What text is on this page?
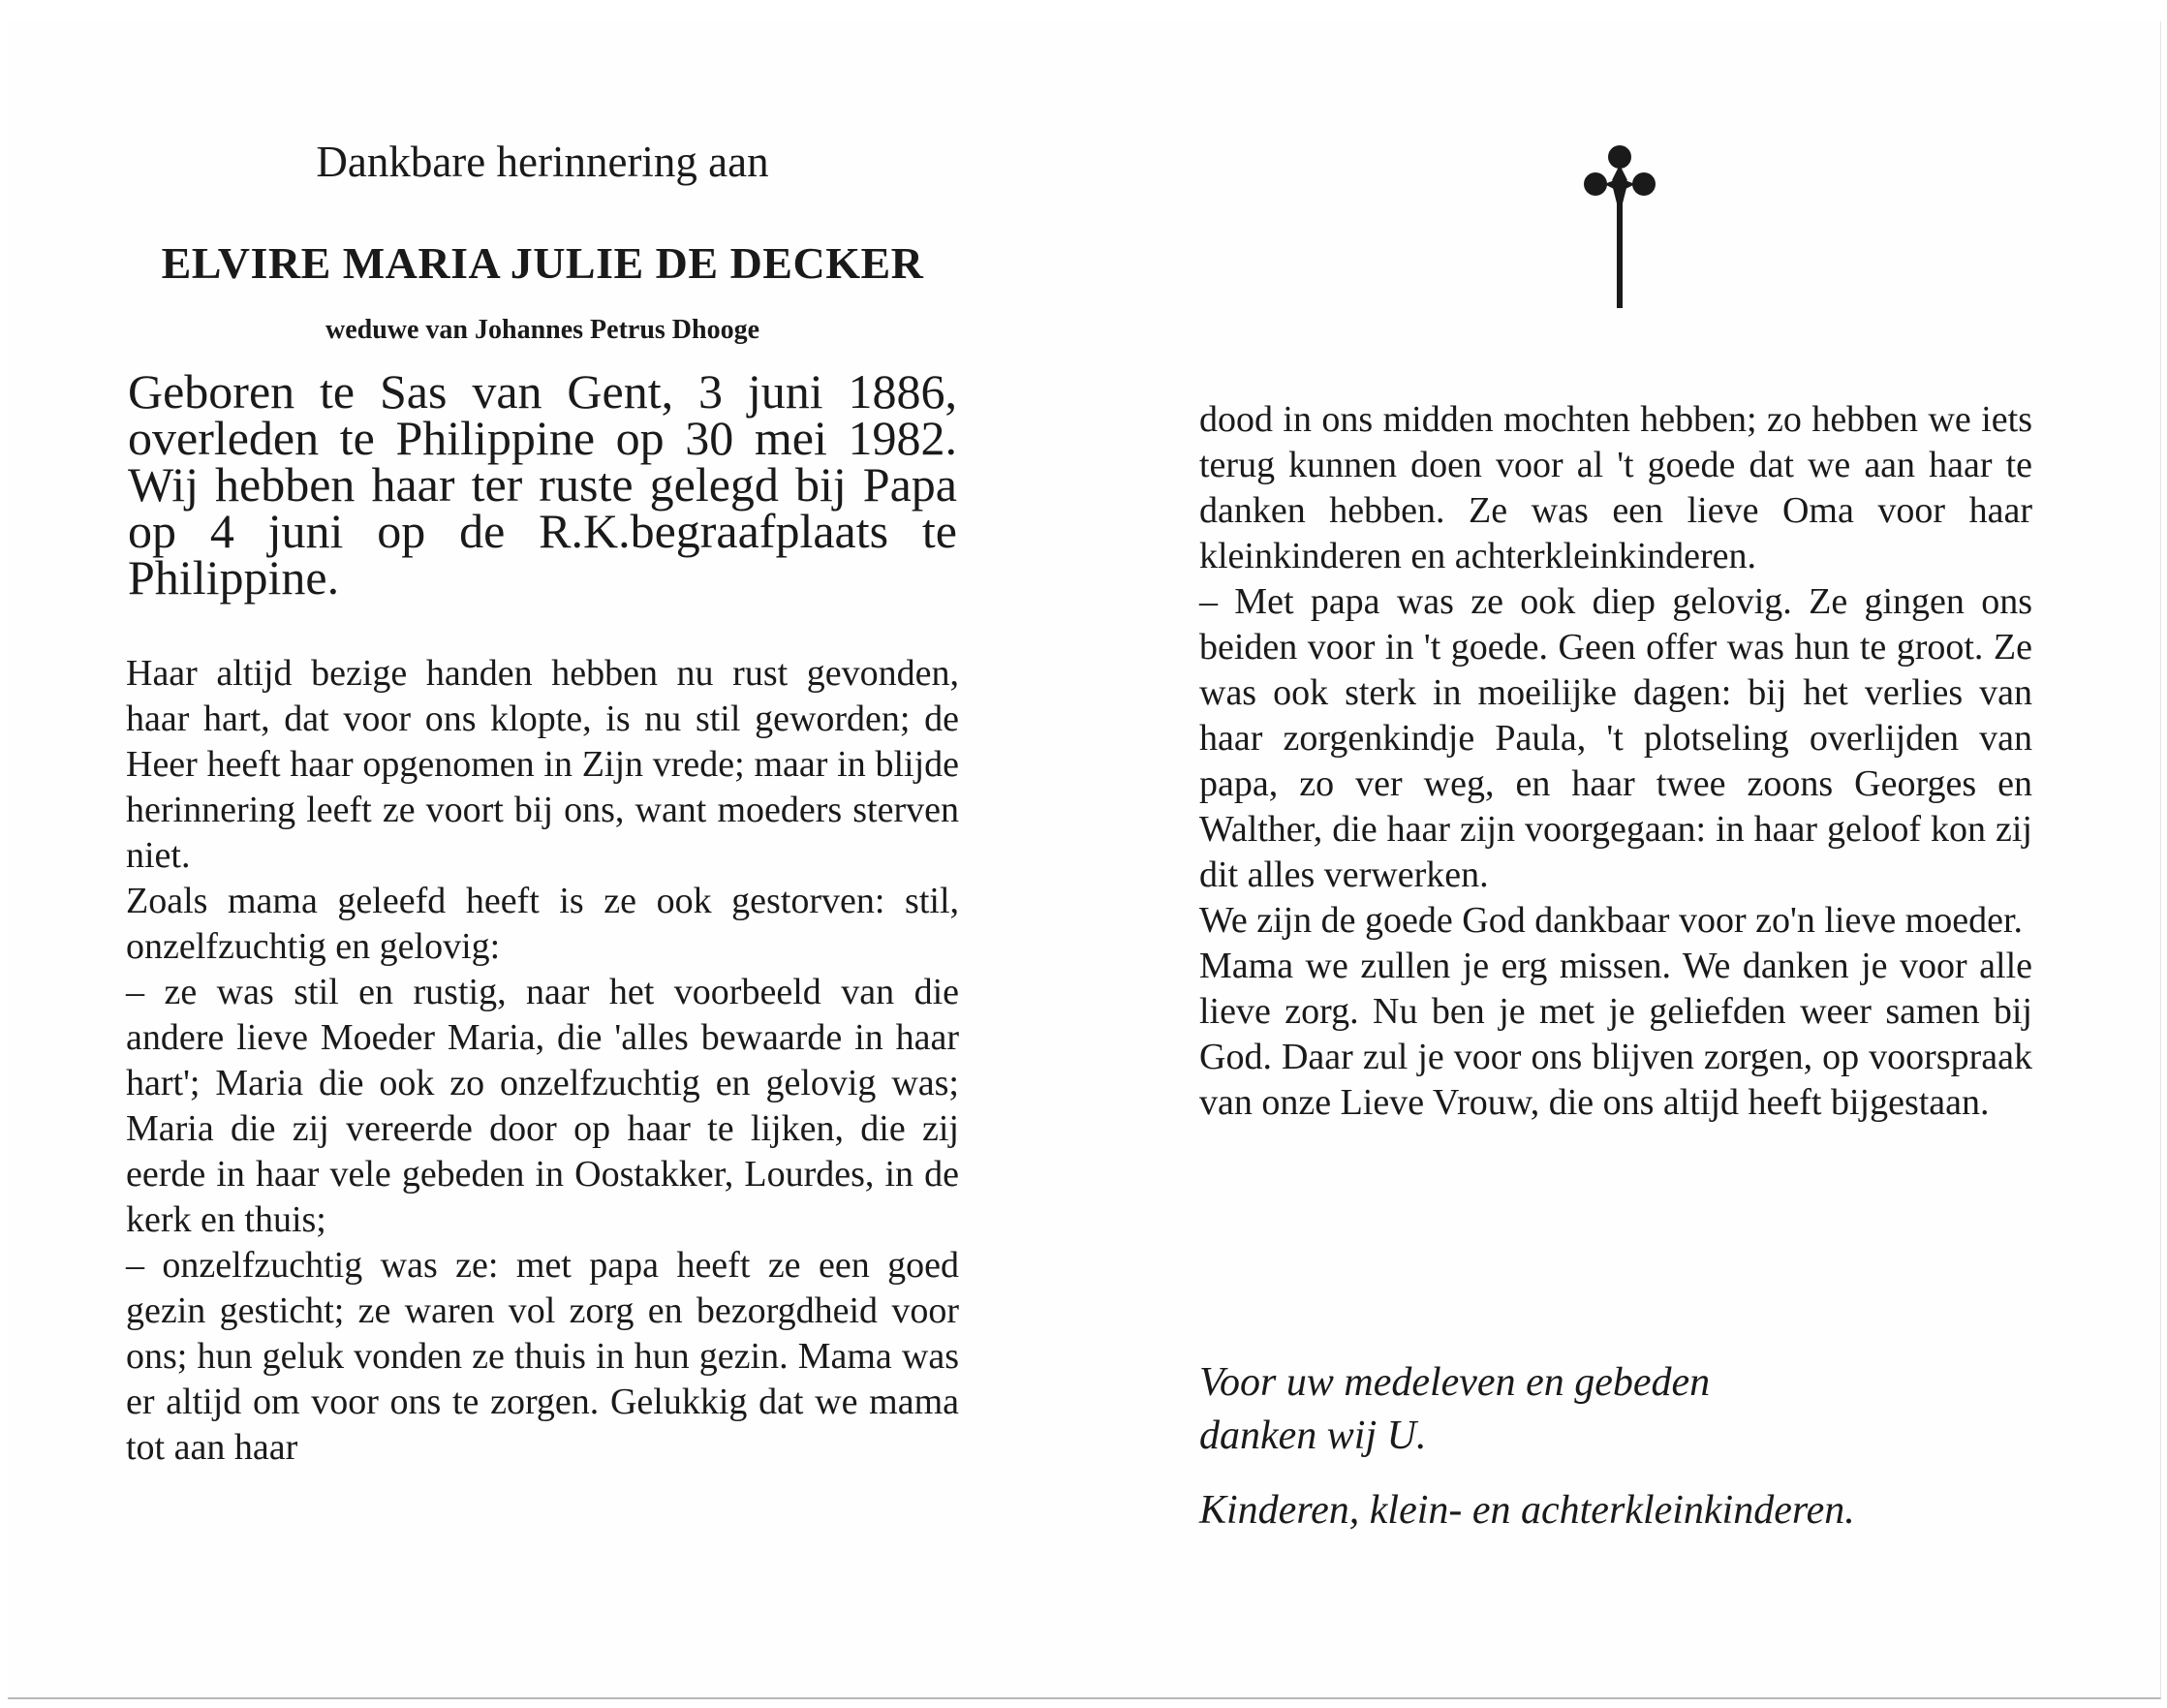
Dankbare herinnering aan
ELVIRE MARIA JULIE DE DECKER
weduwe van Johannes Petrus Dhooge
Geboren te Sas van Gent, 3 juni 1886, overleden te Philippine op 30 mei 1982. Wij hebben haar ter ruste gelegd bij Papa op 4 juni op de R.K.begraafplaats te Philippine.

Haar altijd bezige handen hebben nu rust gevonden, haar hart, dat voor ons klopte, is nu stil geworden; de Heer heeft haar opgenomen in Zijn vrede; maar in blijde herinnering leeft ze voort bij ons, want moeders sterven niet.

Zoals mama geleefd heeft is ze ook gestorven: stil, onzelfzuchtig en gelovig:

– ze was stil en rustig, naar het voorbeeld van die andere lieve Moeder Maria, die 'alles bewaarde in haar hart'; Maria die ook zo onzelfzuchtig en gelovig was; Maria die zij vereerde door op haar te lijken, die zij eerde in haar vele gebeden in Oostakker, Lourdes, in de kerk en thuis;

– onzelfzuchtig was ze: met papa heeft ze een goed gezin gesticht; ze waren vol zorg en bezorgdheid voor ons; hun geluk vonden ze thuis in hun gezin. Mama was er altijd om voor ons te zorgen. Gelukkig dat we mama tot aan haar

dood in ons midden mochten hebben; zo hebben we iets terug kunnen doen voor al 't goede dat we aan haar te danken hebben. Ze was een lieve Oma voor haar kleinkinderen en achterkleinkinderen.

– Met papa was ze ook diep gelovig. Ze gingen ons beiden voor in 't goede. Geen offer was hun te groot. Ze was ook sterk in moeilijke dagen: bij het verlies van haar zorgenkindje Paula, 't plotseling overlijden van papa, zo ver weg, en haar twee zoons Georges en Walther, die haar zijn voorgegaan: in haar geloof kon zij dit alles verwerken.

We zijn de goede God dankbaar voor zo'n lieve moeder.

Mama we zullen je erg missen. We danken je voor alle lieve zorg. Nu ben je met je geliefden weer samen bij God. Daar zul je voor ons blijven zorgen, op voorspraak van onze Lieve Vrouw, die ons altijd heeft bijgestaan.

Voor uw medeleven en gebeden
danken wij U.
Kinderen, klein- en achterkleinkinderen.
